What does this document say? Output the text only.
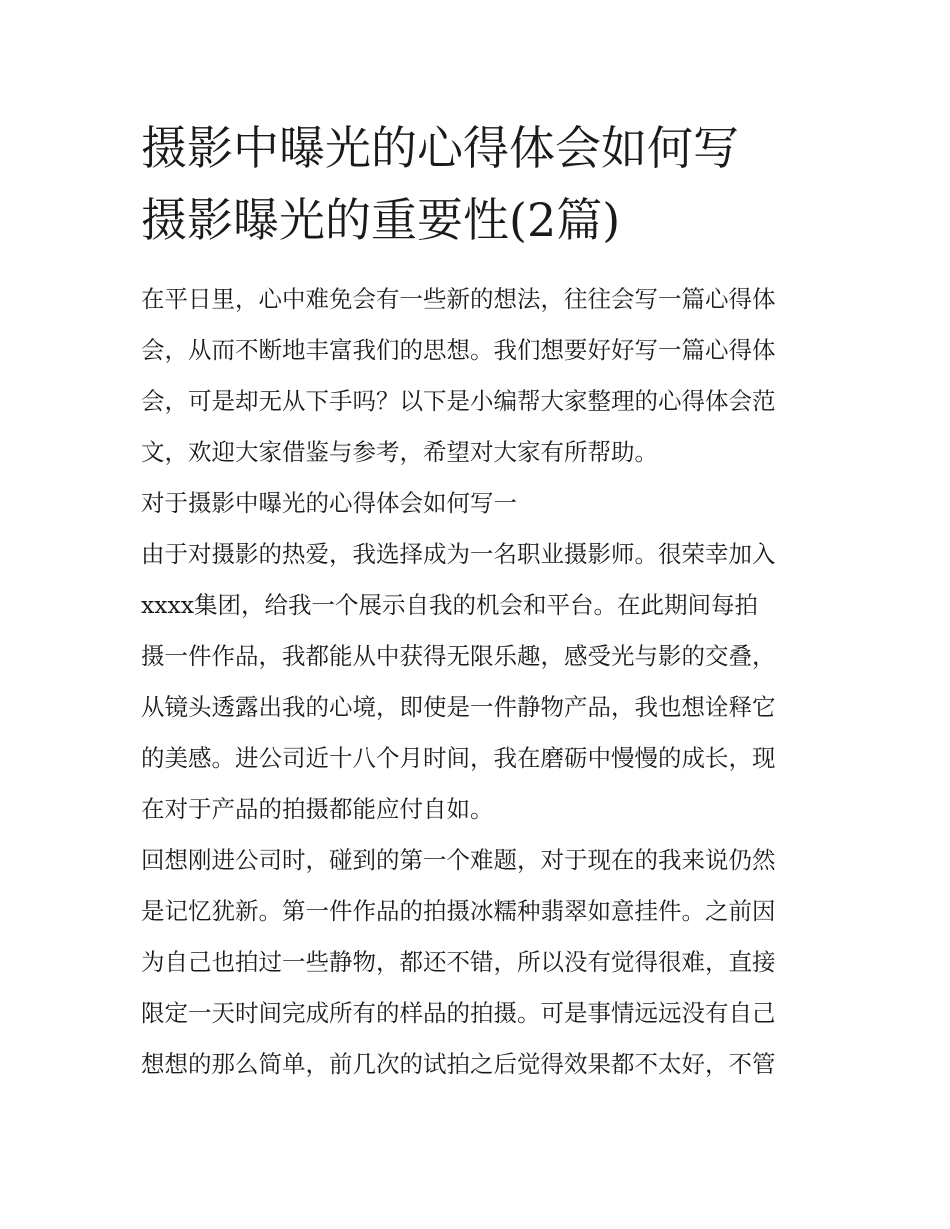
摄影中曝光的心得体会如何写
摄影曝光的重要性(2篇)

在平日里，心中难免会有一些新的想法，往往会写一篇心得体
会，从而不断地丰富我们的思想。我们想要好好写一篇心得体
会，可是却无从下手吗？以下是小编帮大家整理的心得体会范
文，欢迎大家借鉴与参考，希望对大家有所帮助。

对于摄影中曝光的心得体会如何写一

由于对摄影的热爱，我选择成为一名职业摄影师。很荣幸加入
xxxx集团，给我一个展示自我的机会和平台。在此期间每拍
摄一件作品，我都能从中获得无限乐趣，感受光与影的交叠，
从镜头透露出我的心境，即使是一件静物产品，我也想诠释它
的美感。进公司近十八个月时间，我在磨砺中慢慢的成长，现
在对于产品的拍摄都能应付自如。

回想刚进公司时，碰到的第一个难题，对于现在的我来说仍然
是记忆犹新。第一件作品的拍摄冰糯种翡翠如意挂件。之前因
为自己也拍过一些静物，都还不错，所以没有觉得很难，直接
限定一天时间完成所有的样品的拍摄。可是事情远远没有自己
想想的那么简单，前几次的试拍之后觉得效果都不太好，不管
